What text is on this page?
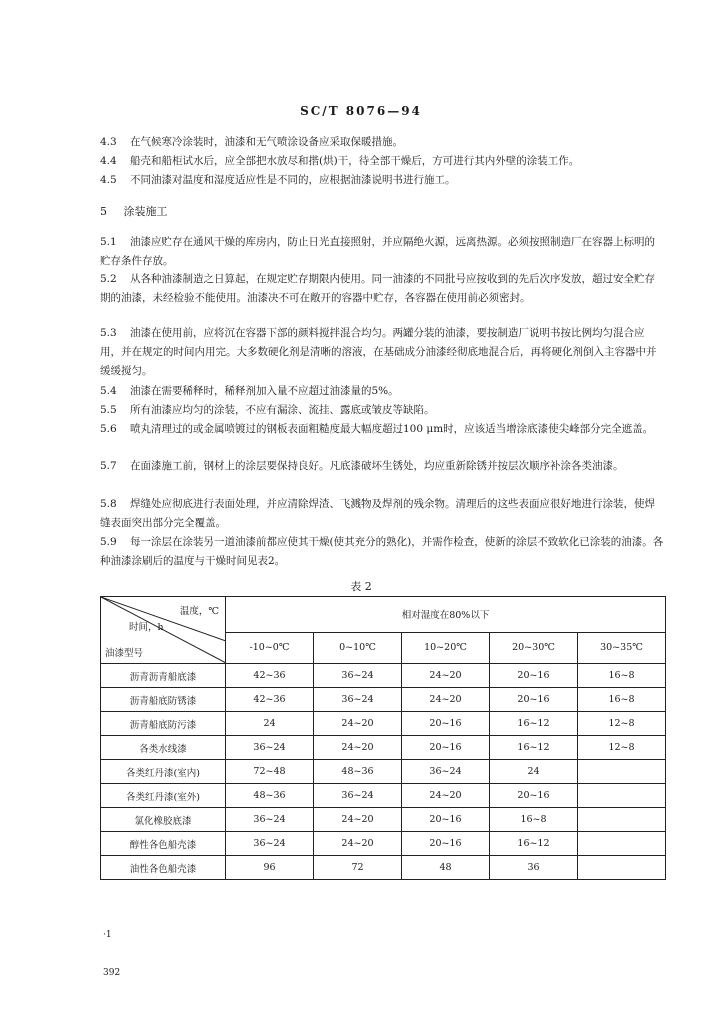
SC/T 8076—94
4.3 在气候寒冷涂装时，油漆和无气喷涂设备应采取保暖措施。
4.4 船壳和船柜试水后，应全部把水放尽和揩(烘)干，待全部干燥后，方可进行其内外壁的涂装工作。
4.5 不同油漆对温度和湿度适应性是不同的，应根据油漆说明书进行施工。
5 涂装施工
5.1 油漆应贮存在通风干燥的库房内，防止日光直接照射，并应隔绝火源，远离热源。必须按照制造厂在容器上标明的贮存条件存放。
5.2 从各种油漆制造之日算起，在规定贮存期限内使用。同一油漆的不同批号应按收到的先后次序发放，超过安全贮存期的油漆，未经检验不能使用。油漆决不可在敞开的容器中贮存，各容器在使用前必须密封。
5.3 油漆在使用前，应将沉在容器下部的颜料搅拌混合均匀。两罐分装的油漆，要按制造厂说明书按比例均匀混合应用，并在规定的时间内用完。大多数硬化剂是清晰的溶液，在基础成分油漆经彻底地混合后，再将硬化剂倒入主容器中并缓缓搅匀。
5.4 油漆在需要稀释时，稀释剂加入量不应超过油漆量的5%。
5.5 所有油漆应均匀的涂装，不应有漏涂、流挂、露底或皱皮等缺陷。
5.6 喷丸清理过的或金属喷镀过的钢板表面粗糙度最大幅度超过100 μm时，应该适当增涂底漆使尖峰部分完全遮盖。
5.7 在面漆施工前，钢材上的涂层要保持良好。凡底漆破坏生锈处，均应重新除锈并按层次顺序补涂各类油漆。
5.8 焊缝处应彻底进行表面处理，并应清除焊渣、飞溅物及焊剂的残余物。清理后的这些表面应很好地进行涂装，使焊缝表面突出部分完全覆盖。
5.9 每一涂层在涂装另一道油漆前都应使其干燥(使其充分的熟化)，并需作检查，使新的涂层不致软化已涂装的油漆。各种油漆涂刷后的温度与干燥时间见表2。
表 2
温度，℃
时间，h
油漆型号	相对湿度在80%以下				
	-10~0℃	0~10℃	10~20℃	20~30℃	30~35℃
沥青沥青船底漆	42~36	36~24	24~20	20~16	16~8
沥青船底防锈漆	42~36	36~24	24~20	20~16	16~8
沥青船底防污漆	24	24~20	20~16	16~12	12~8
各类水线漆	36~24	24~20	20~16	16~12	12~8
各类红丹漆(室内)	72~48	48~36	36~24	24	
各类红丹漆(室外)	48~36	36~24	24~20	20~16	
氯化橡胶底漆	36~24	24~20	20~16	16~8	
醇性各色船壳漆	36~24	24~20	20~16	16~12	
油性各色船壳漆	96	72	48	36	
·1
392
